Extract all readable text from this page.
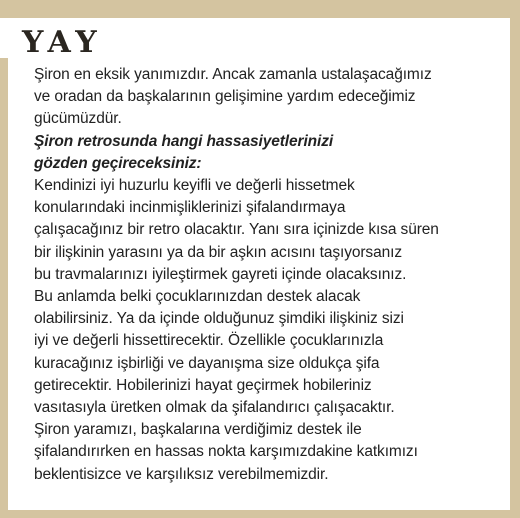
YAY
Şiron en eksik yanımızdır. Ancak zamanla ustalaşacağımız
ve oradan da başkalarının gelişimine yardım edeceğimiz
gücümüzdür.
Şiron retrosunda hangi hassasiyetlerinizi
gözden geçireceksiniz:
Kendinizi iyi huzurlu keyifli ve değerli hissetmek
konularındaki incinmişliklerinizi şifalandırmaya
çalışacağınız bir retro olacaktır. Yanı sıra içinizde kısa süren
bir ilişkinin yarasını ya da bir aşkın acısını taşıyorsanız
bu travmalarınızı iyileştirmek gayreti içinde olacaksınız.
Bu anlamda belki çocuklarınızdan destek alacak
olabilirsiniz. Ya da içinde olduğunuz şimdiki ilişkiniz sizi
iyi ve değerli hissettirecektir. Özellikle çocuklarınızla
kuracağınız işbirliği ve dayanışma size oldukça şifa
getirecektir. Hobilerinizi hayat geçirmek hobileriniz
vasıtasıyla üretken olmak da şifalandırıcı çalışacaktır.
Şiron yaramızı, başkalarına verdiğimiz destek ile
şifalandırırken en hassas nokta karşımızdakine katkımızı
beklentisizce ve karşılıksız verebilmemizdir.
